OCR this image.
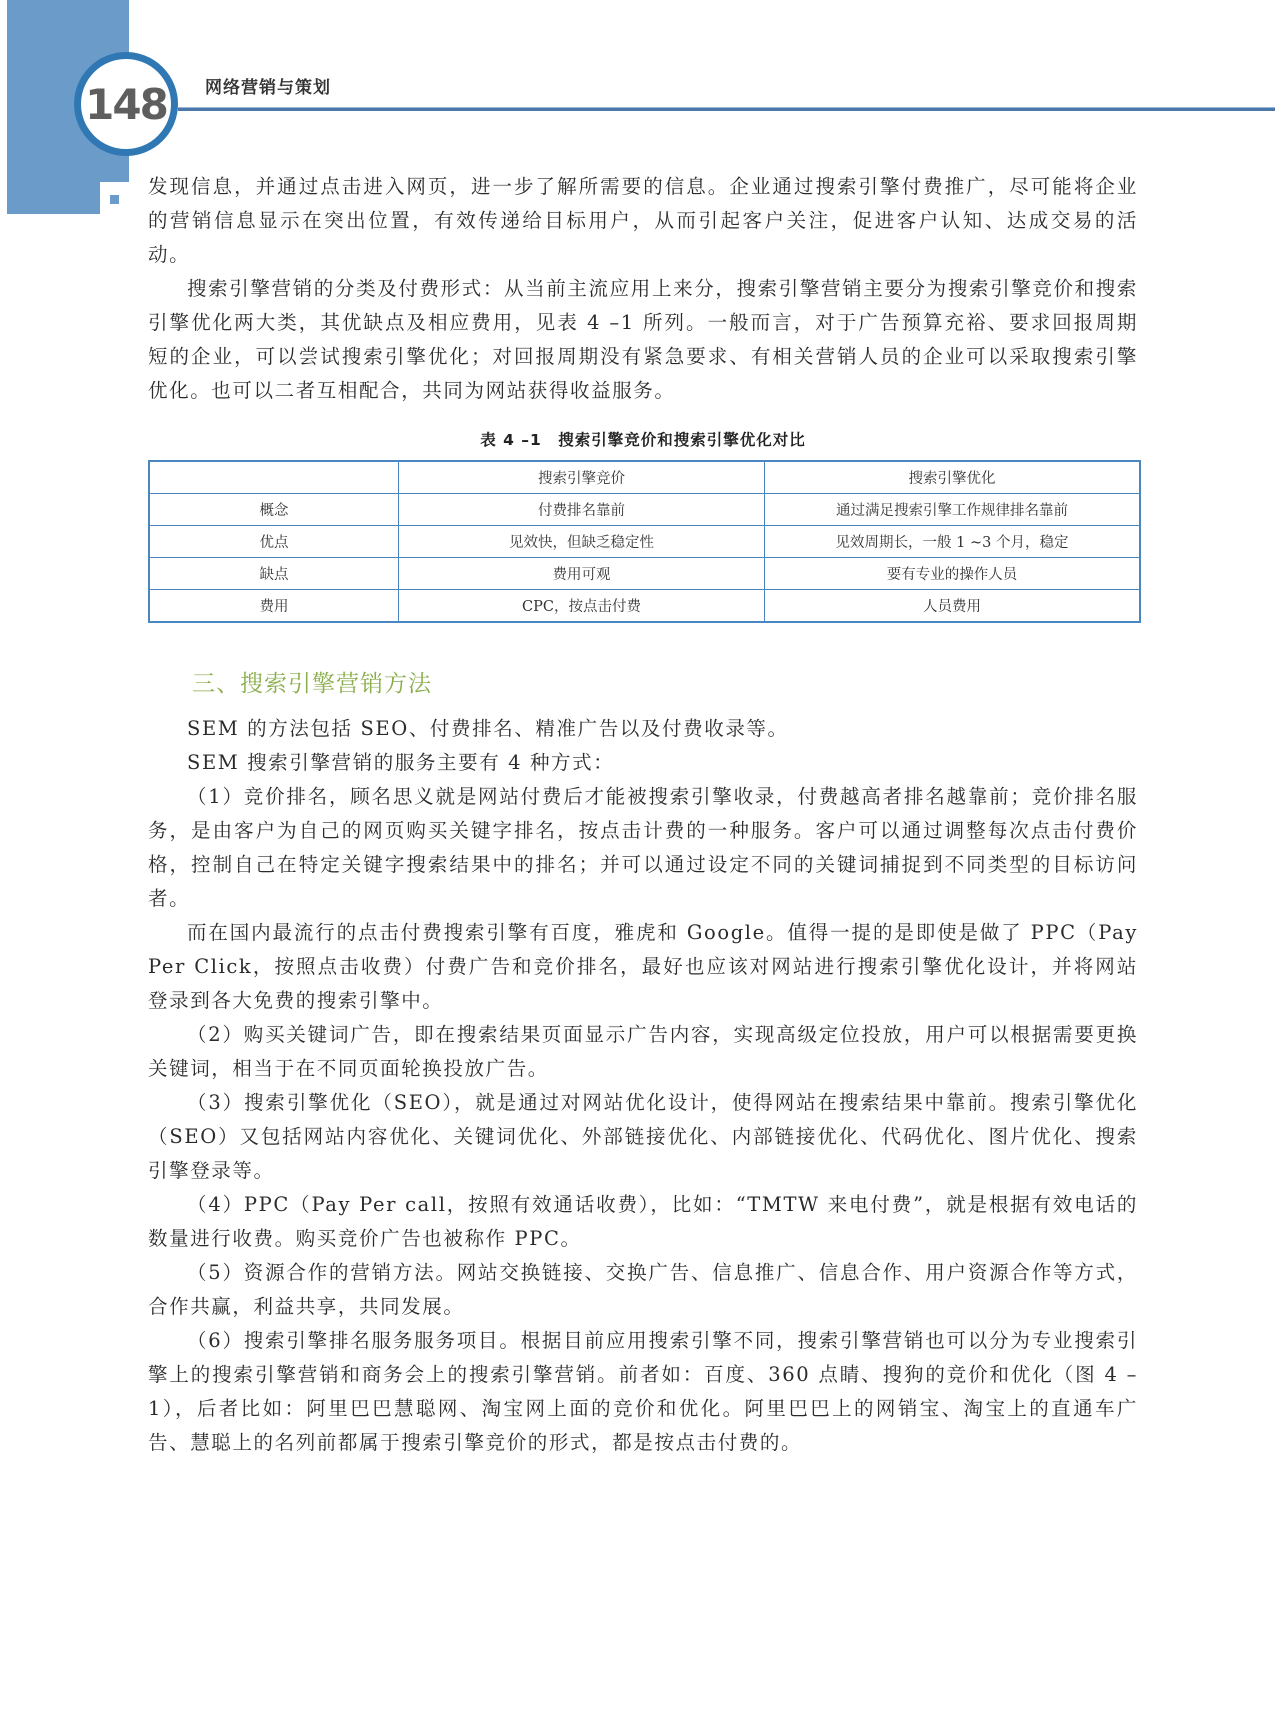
148 网络营销与策划

发现信息，并通过点击进入网页，进一步了解所需要的信息。企业通过搜索引擎付费推广，尽可能将企业的营销信息显示在突出位置，有效传递给目标用户，从而引起客户关注，促进客户认知、达成交易的活动。

搜索引擎营销的分类及付费形式：从当前主流应用上来分，搜索引擎营销主要分为搜索引擎竞价和搜索引擎优化两大类，其优缺点及相应费用，见表 4 –1 所列。一般而言，对于广告预算充裕、要求回报周期短的企业，可以尝试搜索引擎优化；对回报周期没有紧急要求、有相关营销人员的企业可以采取搜索引擎优化。也可以二者互相配合，共同为网站获得收益服务。

表 4 –1　搜索引擎竞价和搜索引擎优化对比
	搜索引擎竞价	搜索引擎优化
概念	付费排名靠前	通过满足搜索引擎工作规律排名靠前
优点	见效快，但缺乏稳定性	见效周期长，一般 1 ~3 个月，稳定
缺点	费用可观	要有专业的操作人员
费用	CPC，按点击付费	人员费用
三、搜索引擎营销方法

SEM 的方法包括 SEO、付费排名、精准广告以及付费收录等。

SEM 搜索引擎营销的服务主要有 4 种方式：

（1）竞价排名，顾名思义就是网站付费后才能被搜索引擎收录，付费越高者排名越靠前；竞价排名服务，是由客户为自己的网页购买关键字排名，按点击计费的一种服务。客户可以通过调整每次点击付费价格，控制自己在特定关键字搜索结果中的排名；并可以通过设定不同的关键词捕捉到不同类型的目标访问者。

而在国内最流行的点击付费搜索引擎有百度，雅虎和 Google。值得一提的是即使是做了 PPC（Pay Per Click，按照点击收费）付费广告和竞价排名，最好也应该对网站进行搜索引擎优化设计，并将网站登录到各大免费的搜索引擎中。

（2）购买关键词广告，即在搜索结果页面显示广告内容，实现高级定位投放，用户可以根据需要更换关键词，相当于在不同页面轮换投放广告。

（3）搜索引擎优化（SEO），就是通过对网站优化设计，使得网站在搜索结果中靠前。搜索引擎优化（SEO）又包括网站内容优化、关键词优化、外部链接优化、内部链接优化、代码优化、图片优化、搜索引擎登录等。

（4）PPC（Pay Per call，按照有效通话收费），比如：“TMTW 来电付费”，就是根据有效电话的数量进行收费。购买竞价广告也被称作 PPC。

（5）资源合作的营销方法。网站交换链接、交换广告、信息推广、信息合作、用户资源合作等方式，合作共赢，利益共享，共同发展。

（6）搜索引擎排名服务服务项目。根据目前应用搜索引擎不同，搜索引擎营销也可以分为专业搜索引擎上的搜索引擎营销和商务会上的搜索引擎营销。前者如：百度、360 点睛、搜狗的竞价和优化（图 4 –1），后者比如：阿里巴巴慧聪网、淘宝网上面的竞价和优化。阿里巴巴上的网销宝、淘宝上的直通车广告、慧聪上的名列前都属于搜索引擎竞价的形式，都是按点击付费的。
